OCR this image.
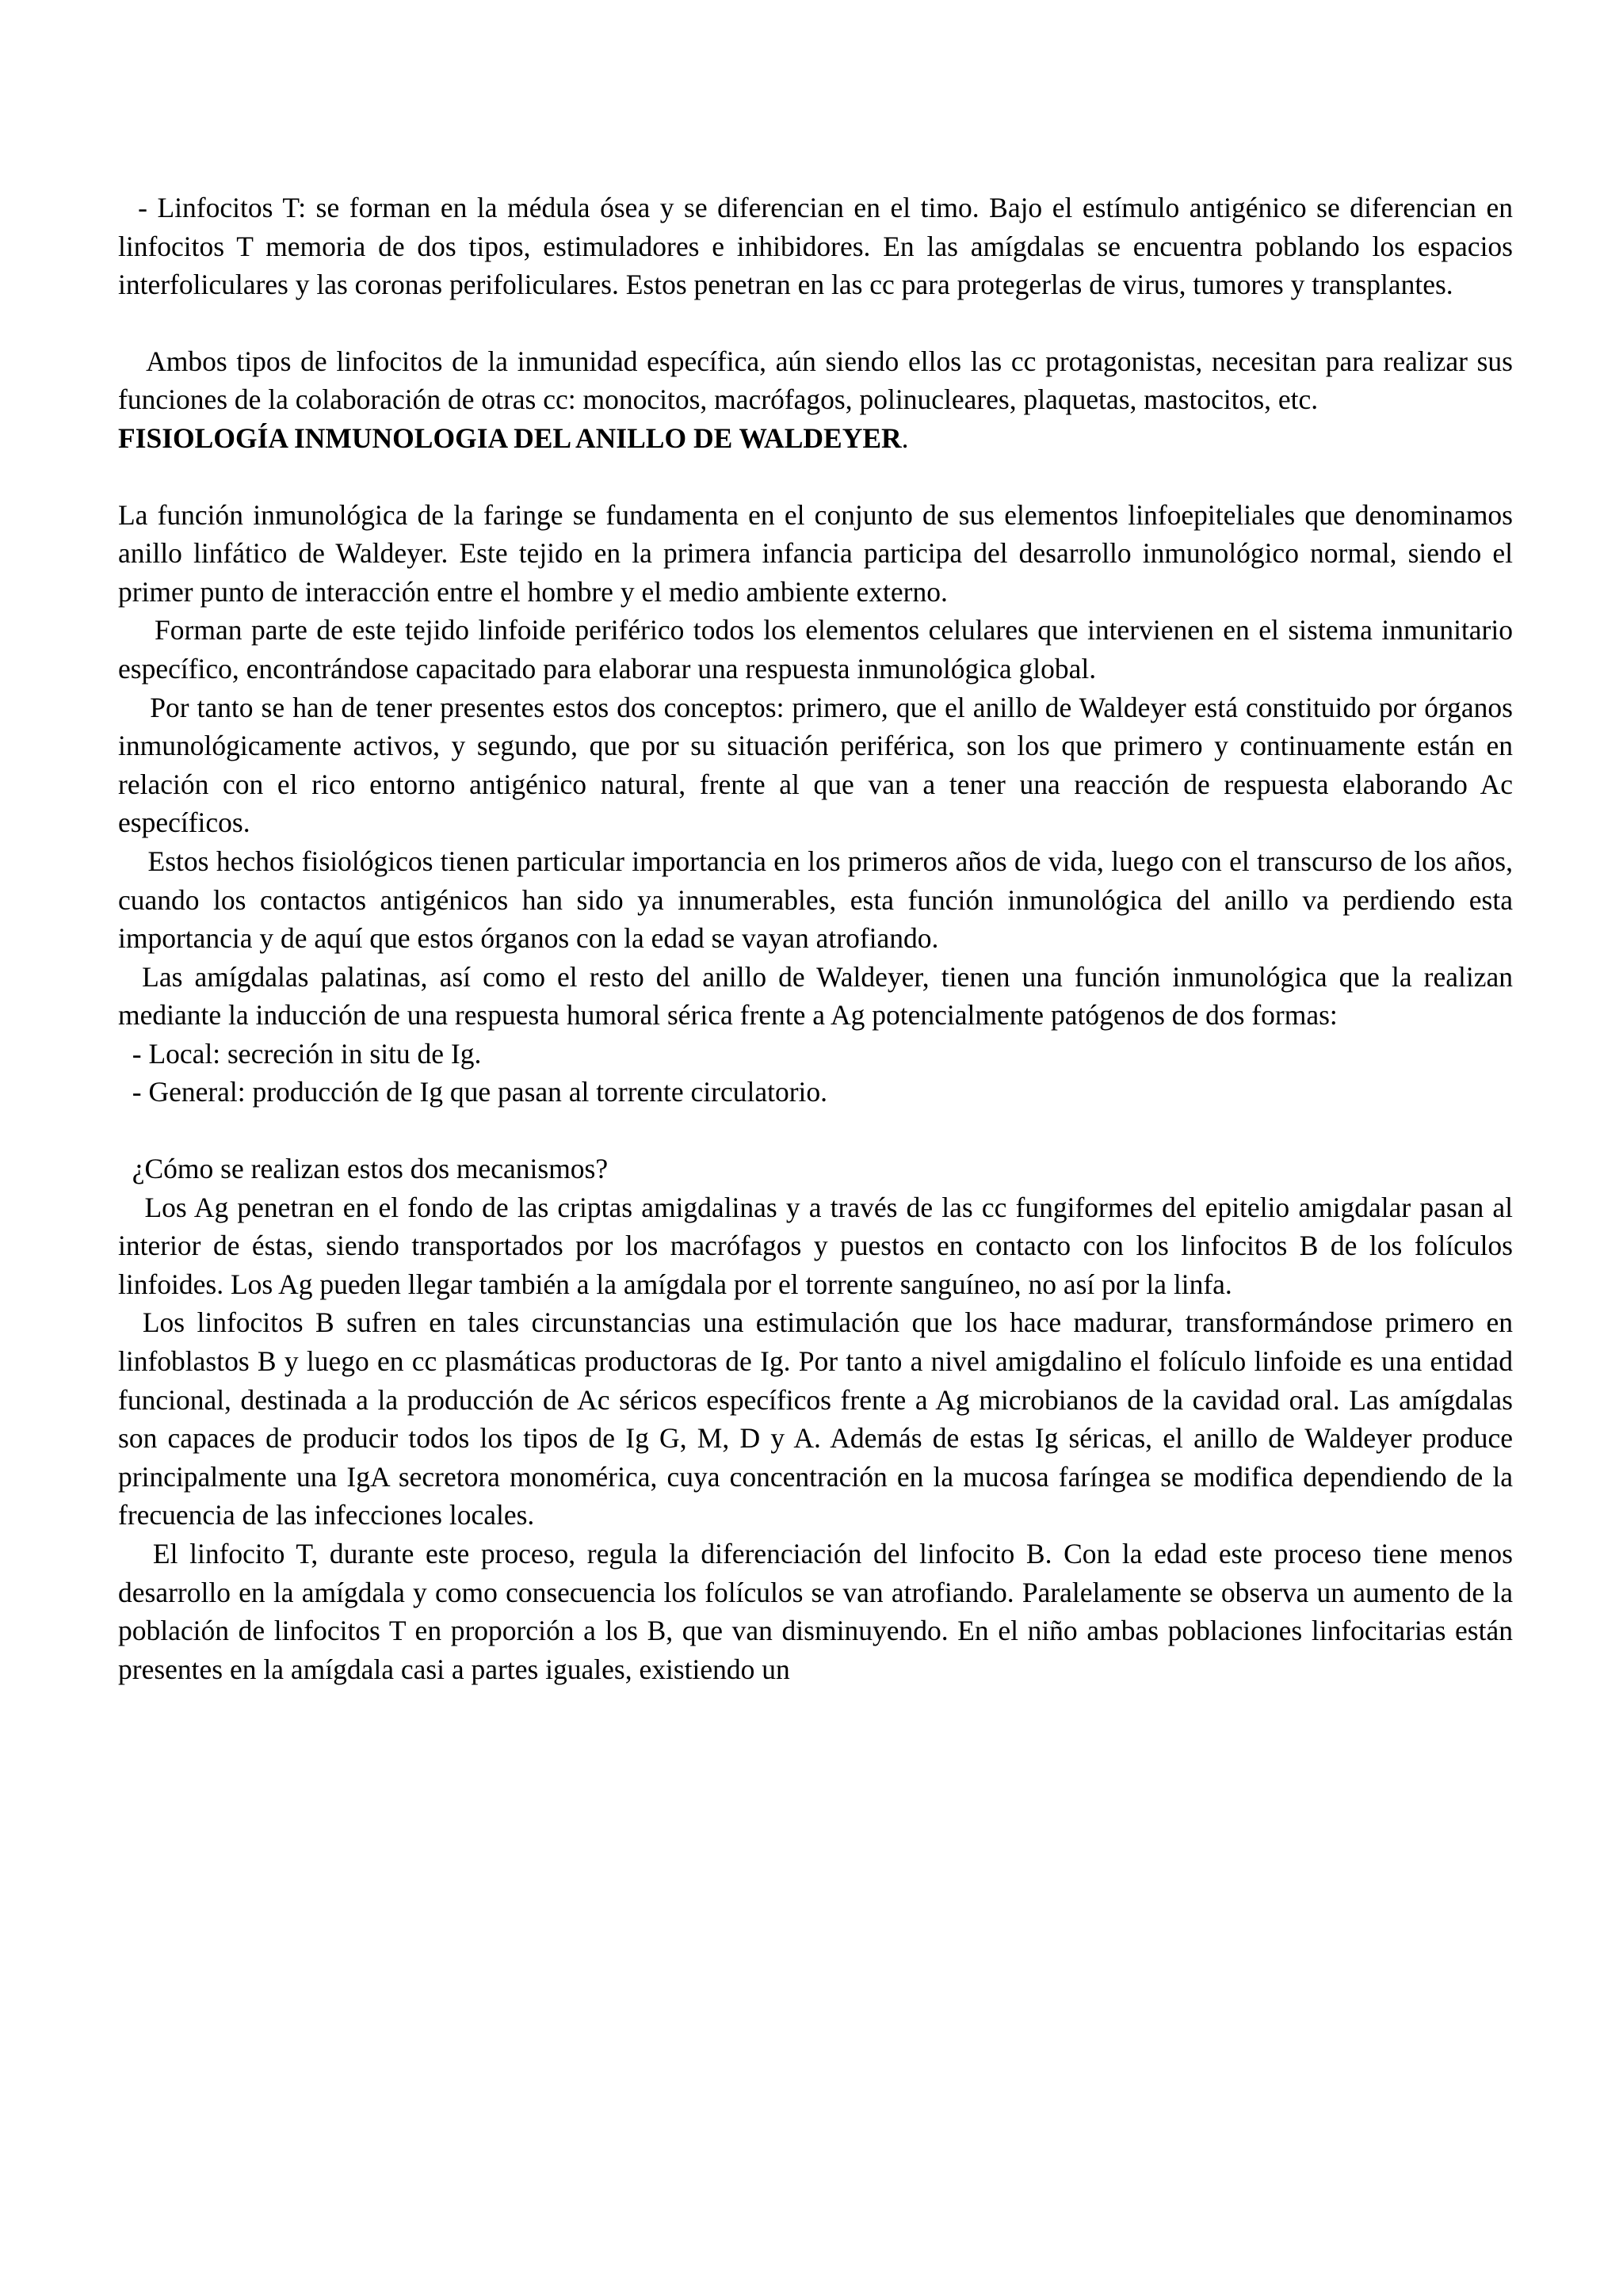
- Linfocitos T: se forman en la médula ósea y se diferencian en el timo. Bajo el estímulo antigénico se diferencian en linfocitos T memoria de dos tipos, estimuladores e inhibidores. En las amígdalas se encuentra poblando los espacios interfoliculares y las coronas perifoliculares. Estos penetran en las cc para protegerlas de virus, tumores y transplantes.

Ambos tipos de linfocitos de la inmunidad específica, aún siendo ellos las cc protagonistas, necesitan para realizar sus funciones de la colaboración de otras cc: monocitos, macrófagos, polinucleares, plaquetas, mastocitos, etc.

FISIOLOGÍA INMUNOLOGIA DEL ANILLO DE WALDEYER.

La función inmunológica de la faringe se fundamenta en el conjunto de sus elementos linfoepiteliales que denominamos anillo linfático de Waldeyer. Este tejido en la primera infancia participa del desarrollo inmunológico normal, siendo el primer punto de interacción entre el hombre y el medio ambiente externo.

Forman parte de este tejido linfoide periférico todos los elementos celulares que intervienen en el sistema inmunitario específico, encontrándose capacitado para elaborar una respuesta inmunológica global.

Por tanto se han de tener presentes estos dos conceptos: primero, que el anillo de Waldeyer está constituido por órganos inmunológicamente activos, y segundo, que por su situación periférica, son los que primero y continuamente están en relación con el rico entorno antigénico natural, frente al que van a tener una reacción de respuesta elaborando Ac específicos.

Estos hechos fisiológicos tienen particular importancia en los primeros años de vida, luego con el transcurso de los años, cuando los contactos antigénicos han sido ya innumerables, esta función inmunológica del anillo va perdiendo esta importancia y de aquí que estos órganos con la edad se vayan atrofiando.

Las amígdalas palatinas, así como el resto del anillo de Waldeyer, tienen una función inmunológica que la realizan mediante la inducción de una respuesta humoral sérica frente a Ag potencialmente patógenos de dos formas:

- Local: secreción in situ de Ig.

- General: producción de Ig que pasan al torrente circulatorio.

¿Cómo se realizan estos dos mecanismos?

Los Ag penetran en el fondo de las criptas amigdalinas y a través de las cc fungiformes del epitelio amigdalar pasan al interior de éstas, siendo transportados por los macrófagos y puestos en contacto con los linfocitos B de los folículos linfoides. Los Ag pueden llegar también a la amígdala por el torrente sanguíneo, no así por la linfa.

Los linfocitos B sufren en tales circunstancias una estimulación que los hace madurar, transformándose primero en linfoblastos B y luego en cc plasmáticas productoras de Ig. Por tanto a nivel amigdalino el folículo linfoide es una entidad funcional, destinada a la producción de Ac séricos específicos frente a Ag microbianos de la cavidad oral. Las amígdalas son capaces de producir todos los tipos de Ig G, M, D y A. Además de estas Ig séricas, el anillo de Waldeyer produce principalmente una IgA secretora monomérica, cuya concentración en la mucosa faríngea se modifica dependiendo de la frecuencia de las infecciones locales.

El linfocito T, durante este proceso, regula la diferenciación del linfocito B. Con la edad este proceso tiene menos desarrollo en la amígdala y como consecuencia los folículos se van atrofiando. Paralelamente se observa un aumento de la población de linfocitos T en proporción a los B, que van disminuyendo. En el niño ambas poblaciones linfocitarias están presentes en la amígdala casi a partes iguales, existiendo un
